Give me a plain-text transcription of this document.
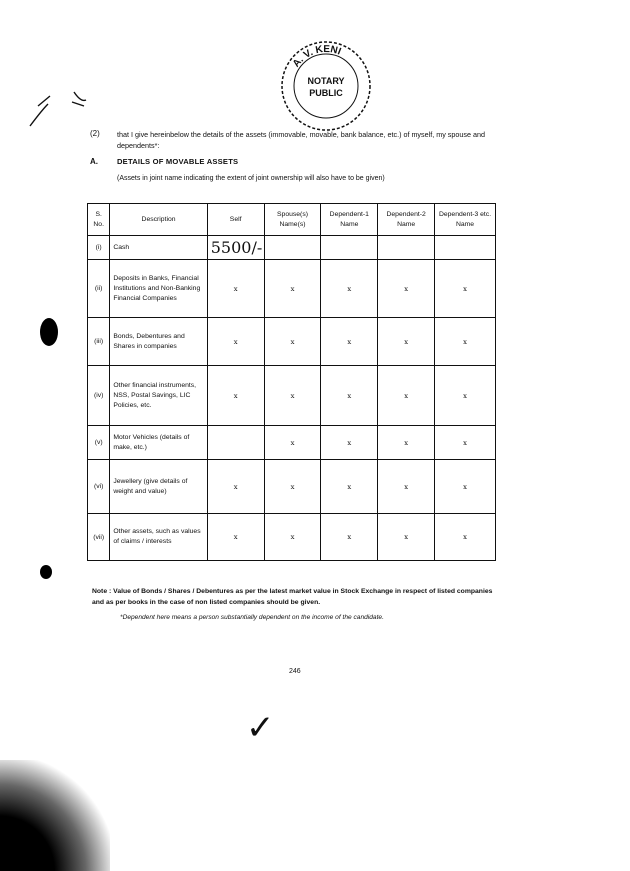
A. V. KENI
NOTARY
PUBLIC
(2) that I give hereinbelow the details of the assets (immovable, movable, bank balance, etc.) of myself, my spouse and dependents*:
A.	DETAILS OF MOVABLE ASSETS
(Assets in joint name indicating the extent of joint ownership will also have to be given)
S. No.	Description	Self	Spouse(s) Name(s)	Dependent-1 Name	Dependent-2 Name	Dependent-3 etc. Name
(i)	Cash	5500/-				
(ii)	Deposits in Banks, Financial Institutions and Non-Banking Financial Companies	x	x	x	x	x
(iii)	Bonds, Debentures and Shares in companies	x	x	x	x	x
(iv)	Other financial instruments, NSS, Postal Savings, LIC Policies, etc.	x	x	x	x	x
(v)	Motor Vehicles (details of make, etc.)		x	x	x	x
(vi)	Jewellery (give details of weight and value)	x	x	x	x	x
(vii)	Other assets, such as values of claims / interests	x	x	x	x	x
Note : Value of Bonds / Shares / Debentures as per the latest market value in Stock Exchange in respect of listed companies and as per books in the case of non listed companies should be given.
*Dependent here means a person substantially dependent on the income of the candidate.
246
✓
